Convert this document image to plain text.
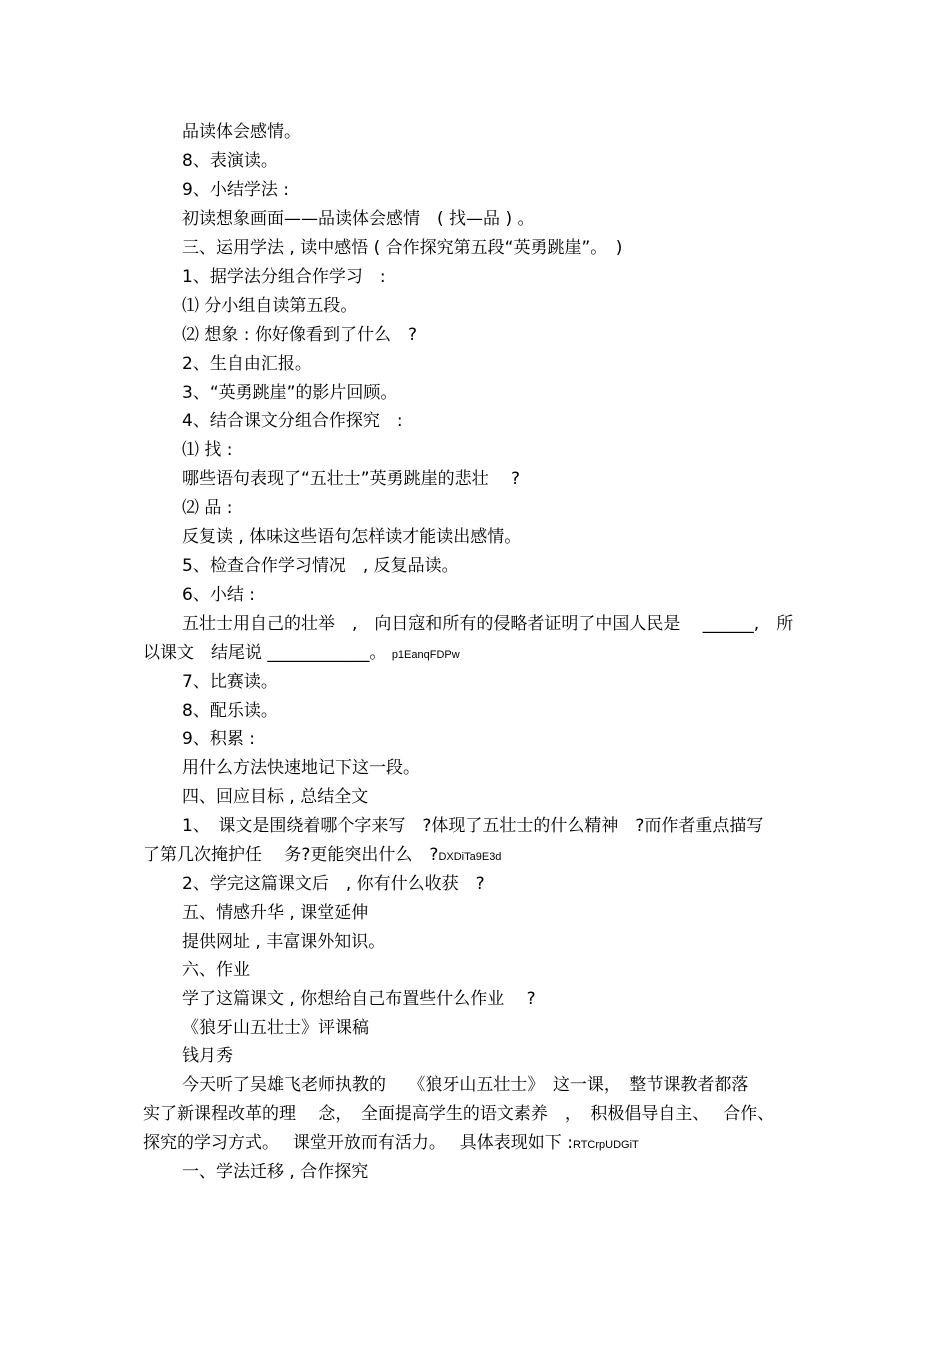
品读体会感情。
8、表演读。
9、小结学法 :
初读想象画面——品读体会感情　( 找—品 ) 。
三、运用学法 , 读中感悟 ( 合作探究第五段“英勇跳崖”。　)
1、据学法分组合作学习　:
⑴ 分小组自读第五段。
⑵ 想象 : 你好像看到了什么　?
2、生自由汇报。
3、“英勇跳崖”的影片回顾。
4、结合课文分组合作探究　:
⑴ 找 :
哪些语句表现了“五壮士”英勇跳崖的悲壮　 ?
⑵ 品 :
反复读 , 体味这些语句怎样读才能读出感情。
5、检查合作学习情况　, 反复品读。
6、小结 :
五壮士用自己的壮举　,　向日寇和所有的侵略者证明了中国人民是　 ______,　所
以课文　结尾说 ____________。 p1EanqFDPw
7、比赛读。
8、配乐读。
9、积累 :
用什么方法快速地记下这一段。
四、回应目标 , 总结全文
1、　课文是围绕着哪个字来写　?体现了五壮士的什么精神　?而作者重点描写
了第几次掩护任　 务?更能突出什么　?DXDiTa9E3d
2、学完这篇课文后　, 你有什么收获　?
五、情感升华 , 课堂延伸
提供网址 , 丰富课外知识。
六、作业
学了这篇课文 , 你想给自己布置些什么作业　 ?
《狼牙山五壮士》评课稿
钱月秀
今天听了吴雄飞老师执教的　 《狼牙山五壮士》　这一课，　整节课教者都落
实了新课程改革的理　 念，　全面提高学生的语文素养　，　积极倡导自主、　 合作、
探究的学习方式。　 课堂开放而有活力。　 具体表现如下 :RTCrpUDGiT
一、学法迁移 , 合作探究
